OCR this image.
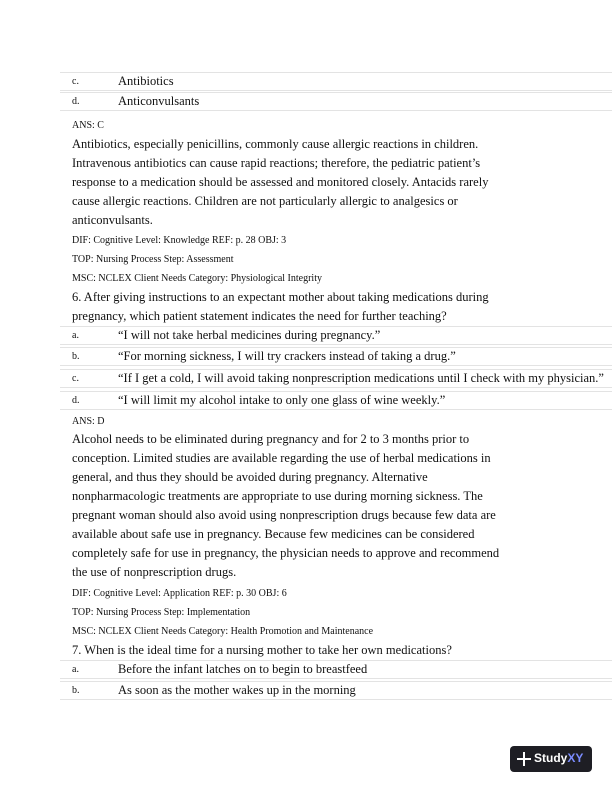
c.	Antibiotics
d.	Anticonvulsants
ANS: C

Antibiotics, especially penicillins, commonly cause allergic reactions in children.
Intravenous antibiotics can cause rapid reactions; therefore, the pediatric patient’s
response to a medication should be assessed and monitored closely. Antacids rarely
cause allergic reactions. Children are not particularly allergic to analgesics or
anticonvulsants.

DIF: Cognitive Level: Knowledge REF: p. 28 OBJ: 3
TOP: Nursing Process Step: Assessment
MSC: NCLEX Client Needs Category: Physiological Integrity

6. After giving instructions to an expectant mother about taking medications during
pregnancy, which patient statement indicates the need for further teaching?

a.	“I will not take herbal medicines during pregnancy.”
b.	“For morning sickness, I will try crackers instead of taking a drug.”
c.	“If I get a cold, I will avoid taking nonprescription medications until I check with my physician.”
d.	“I will limit my alcohol intake to only one glass of wine weekly.”
ANS: D

Alcohol needs to be eliminated during pregnancy and for 2 to 3 months prior to
conception. Limited studies are available regarding the use of herbal medications in
general, and thus they should be avoided during pregnancy. Alternative
nonpharmacologic treatments are appropriate to use during morning sickness. The
pregnant woman should also avoid using nonprescription drugs because few data are
available about safe use in pregnancy. Because few medicines can be considered
completely safe for use in pregnancy, the physician needs to approve and recommend
the use of nonprescription drugs.

DIF: Cognitive Level: Application REF: p. 30 OBJ: 6
TOP: Nursing Process Step: Implementation
MSC: NCLEX Client Needs Category: Health Promotion and Maintenance

7. When is the ideal time for a nursing mother to take her own medications?

a.	Before the infant latches on to begin to breastfeed
b.	As soon as the mother wakes up in the morning
StudyXY
